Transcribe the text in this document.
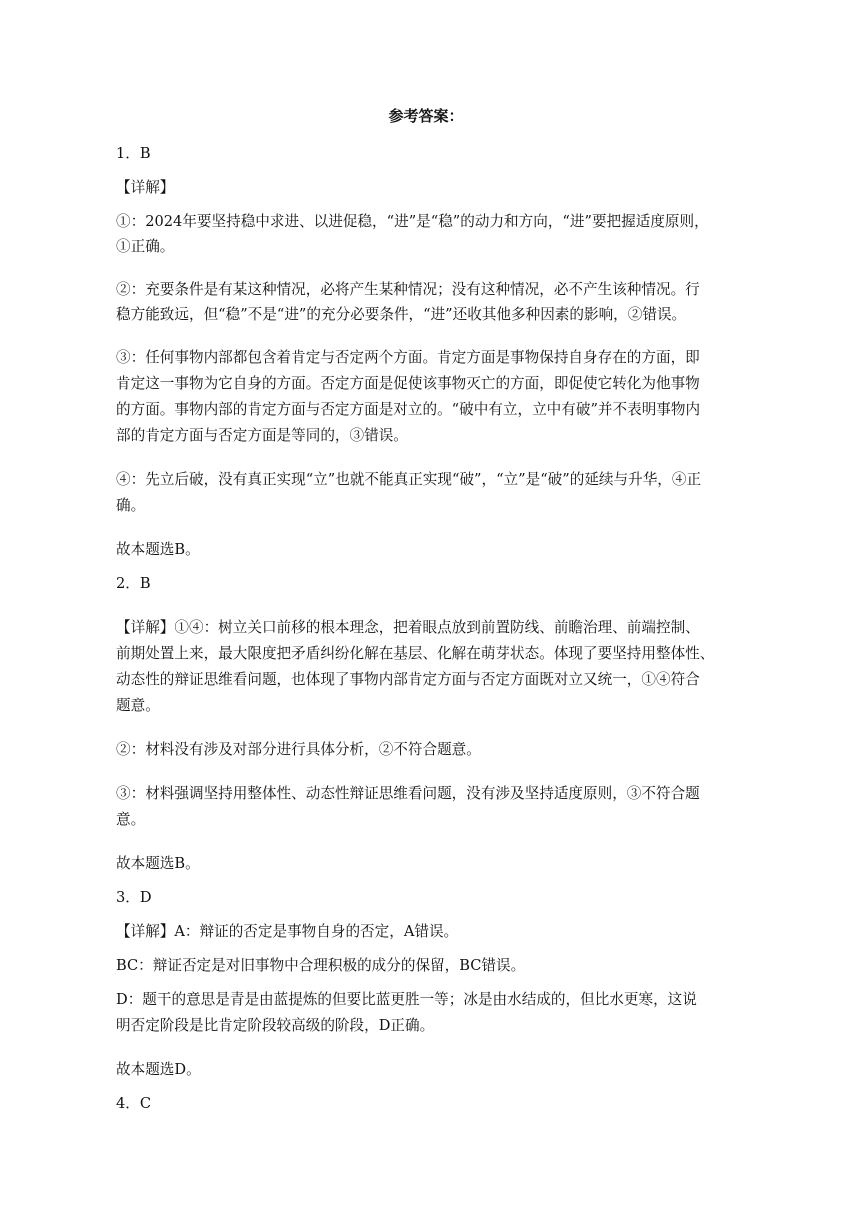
参考答案：
1．B
【详解】
①：2024年要坚持稳中求进、以进促稳，“进”是“稳”的动力和方向，“进”要把握适度原则，
①正确。
②：充要条件是有某这种情况，必将产生某种情况；没有这种情况，必不产生该种情况。行
稳方能致远，但“稳”不是“进”的充分必要条件，“进”还收其他多种因素的影响，②错误。
③：任何事物内部都包含着肯定与否定两个方面。肯定方面是事物保持自身存在的方面，即
肯定这一事物为它自身的方面。否定方面是促使该事物灭亡的方面，即促使它转化为他事物
的方面。事物内部的肯定方面与否定方面是对立的。“破中有立，立中有破”并不表明事物内
部的肯定方面与否定方面是等同的，③错误。
④：先立后破，没有真正实现“立”也就不能真正实现“破”，“立”是“破”的延续与升华，④正
确。
故本题选B。
2．B
【详解】①④：树立关口前移的根本理念，把着眼点放到前置防线、前瞻治理、前端控制、
前期处置上来，最大限度把矛盾纠纷化解在基层、化解在萌芽状态。体现了要坚持用整体性、
动态性的辩证思维看问题，也体现了事物内部肯定方面与否定方面既对立又统一，①④符合
题意。
②：材料没有涉及对部分进行具体分析，②不符合题意。
③：材料强调坚持用整体性、动态性辩证思维看问题，没有涉及坚持适度原则，③不符合题
意。
故本题选B。
3．D
【详解】A：辩证的否定是事物自身的否定，A错误。
BC：辩证否定是对旧事物中合理积极的成分的保留，BC错误。
D：题干的意思是青是由蓝提炼的但要比蓝更胜一等；冰是由水结成的，但比水更寒，这说
明否定阶段是比肯定阶段较高级的阶段，D正确。
故本题选D。
4．C
